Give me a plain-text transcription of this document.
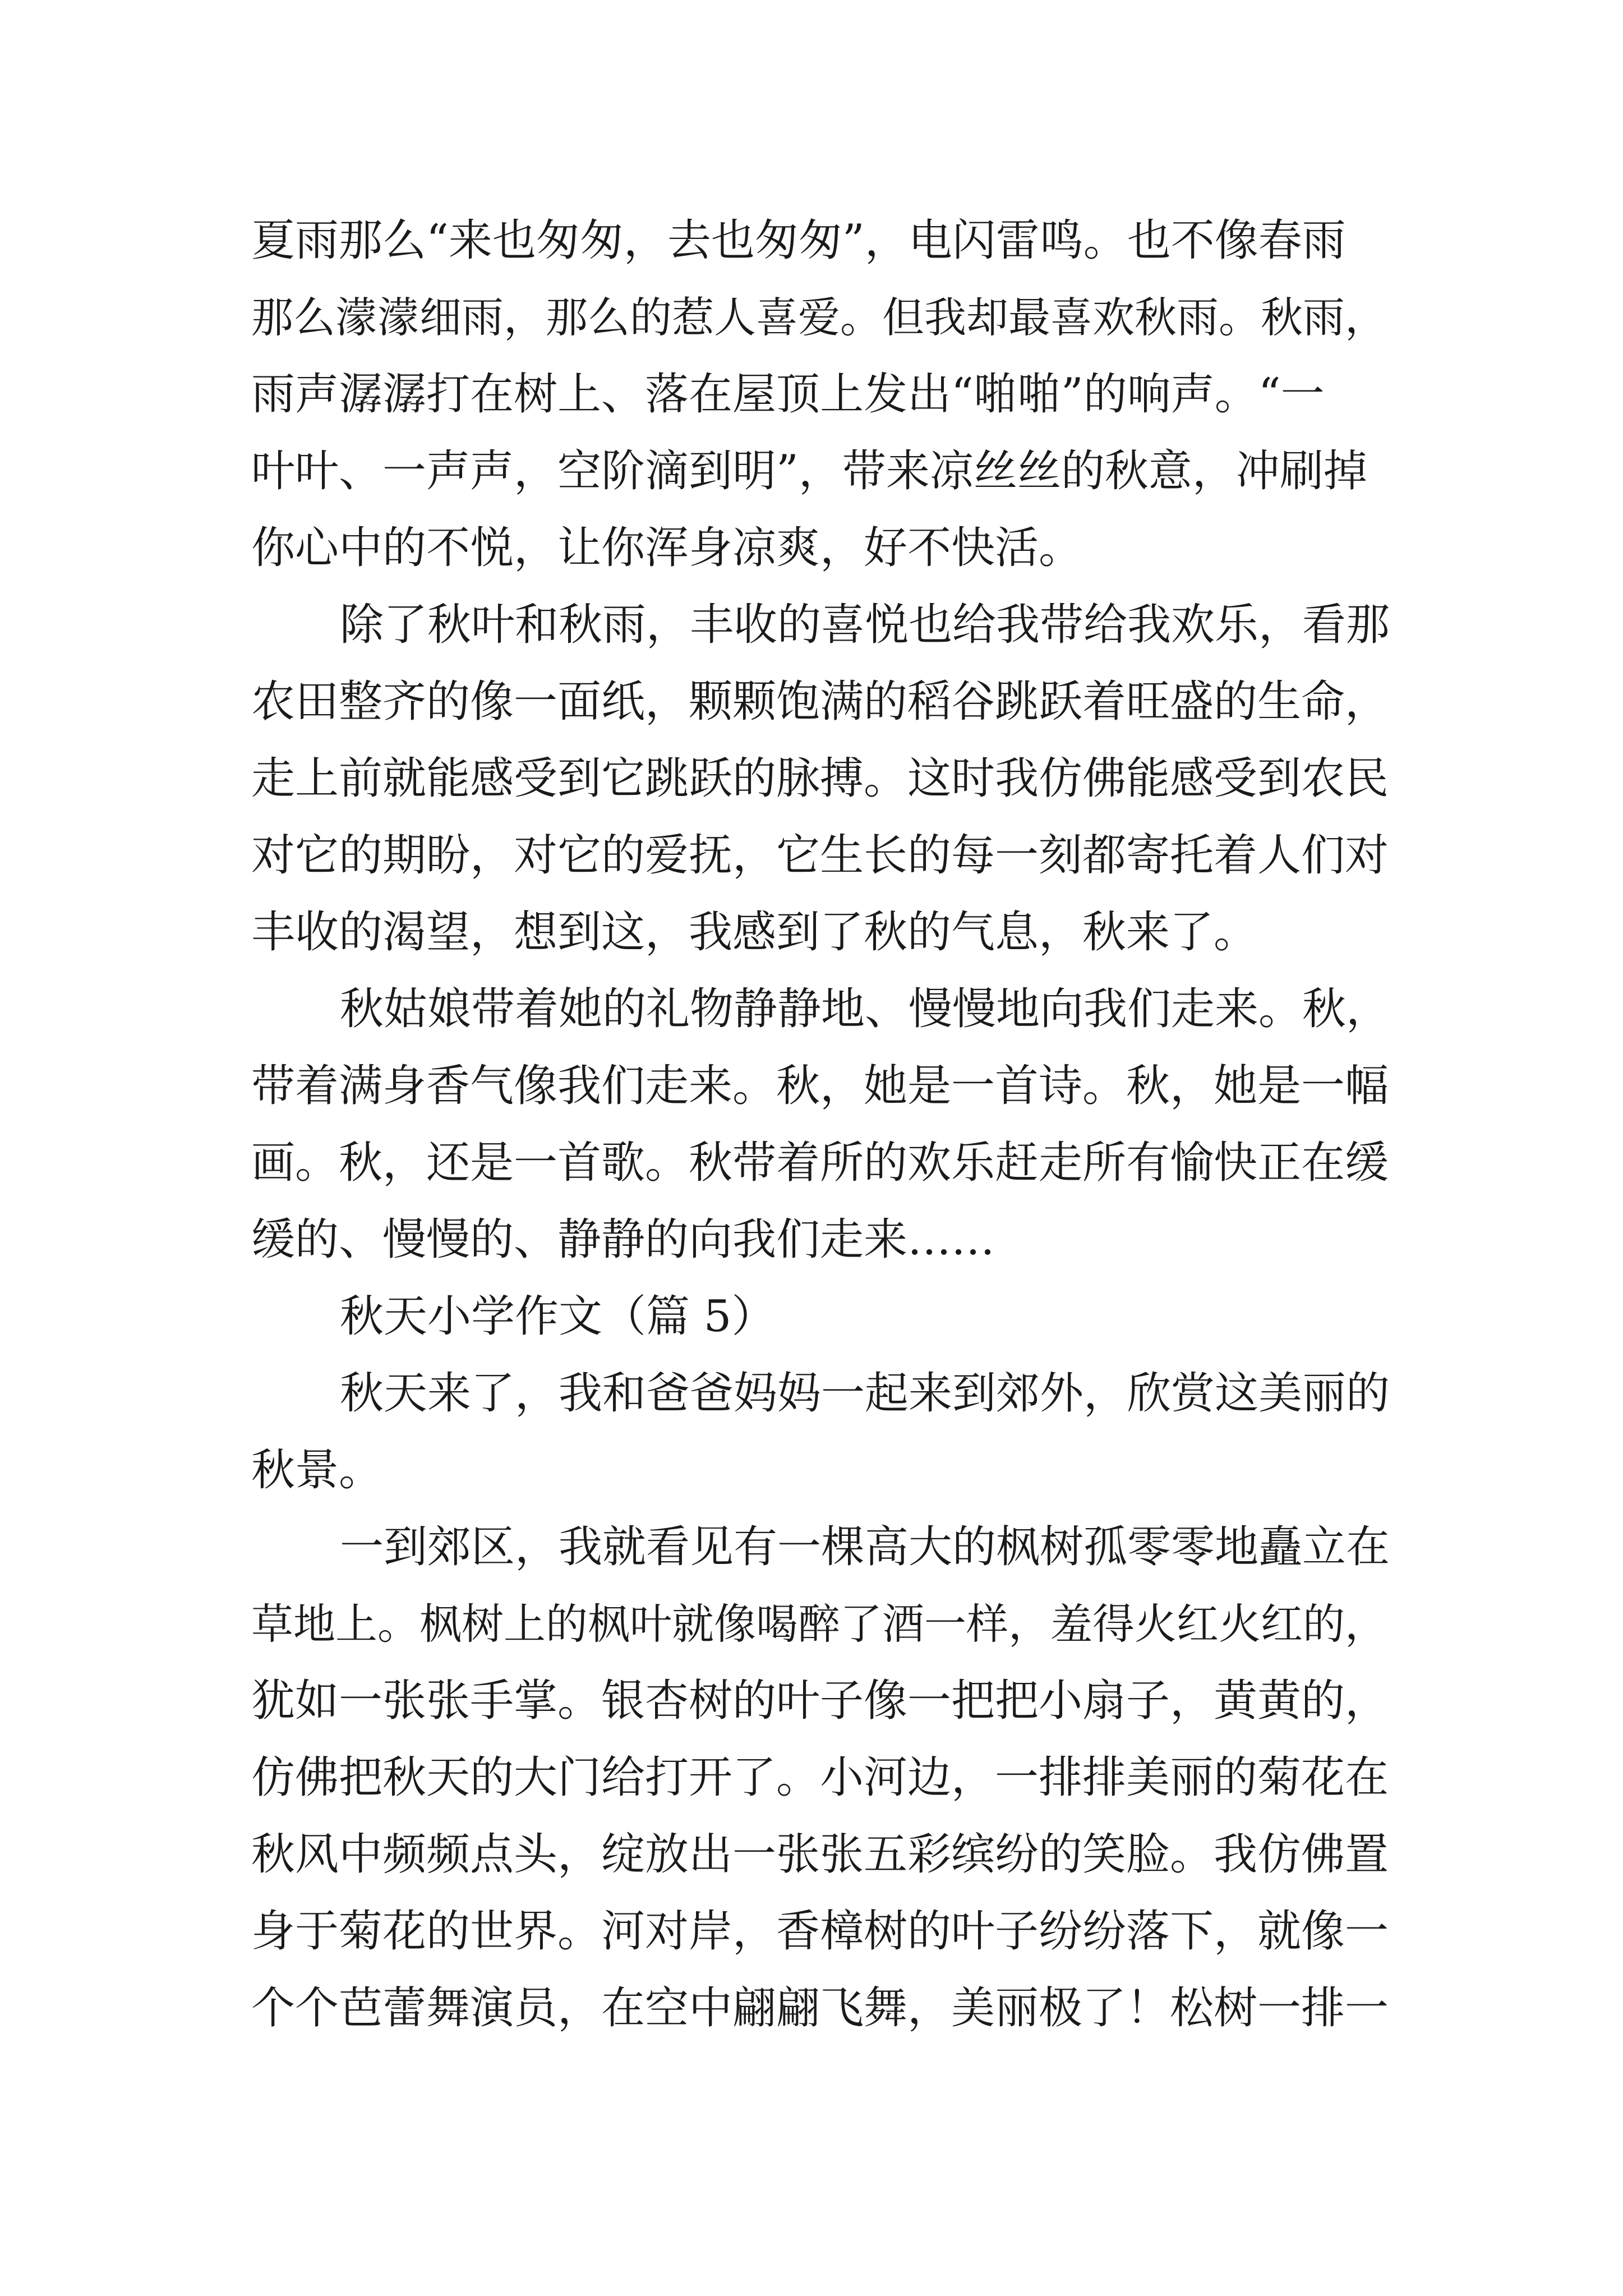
夏雨那么“来也匆匆，去也匆匆”，电闪雷鸣。也不像春雨
那么濛濛细雨，那么的惹人喜爱。但我却最喜欢秋雨。秋雨，
雨声潺潺打在树上、落在屋顶上发出“啪啪”的响声。“一
叶叶、一声声，空阶滴到明”，带来凉丝丝的秋意，冲刷掉
你心中的不悦，让你浑身凉爽，好不快活。
除了秋叶和秋雨，丰收的喜悦也给我带给我欢乐，看那
农田整齐的像一面纸，颗颗饱满的稻谷跳跃着旺盛的生命，
走上前就能感受到它跳跃的脉搏。这时我仿佛能感受到农民
对它的期盼，对它的爱抚，它生长的每一刻都寄托着人们对
丰收的渴望，想到这，我感到了秋的气息，秋来了。
秋姑娘带着她的礼物静静地、慢慢地向我们走来。秋，
带着满身香气像我们走来。秋，她是一首诗。秋，她是一幅
画。秋，还是一首歌。秋带着所的欢乐赶走所有愉快正在缓
缓的、慢慢的、静静的向我们走来……
秋天小学作文（篇 5）
秋天来了，我和爸爸妈妈一起来到郊外，欣赏这美丽的
秋景。
一到郊区，我就看见有一棵高大的枫树孤零零地矗立在
草地上。枫树上的枫叶就像喝醉了酒一样，羞得火红火红的，
犹如一张张手掌。银杏树的叶子像一把把小扇子，黄黄的，
仿佛把秋天的大门给打开了。小河边，一排排美丽的菊花在
秋风中频频点头，绽放出一张张五彩缤纷的笑脸。我仿佛置
身于菊花的世界。河对岸，香樟树的叶子纷纷落下，就像一
个个芭蕾舞演员，在空中翩翩飞舞，美丽极了！松树一排一
